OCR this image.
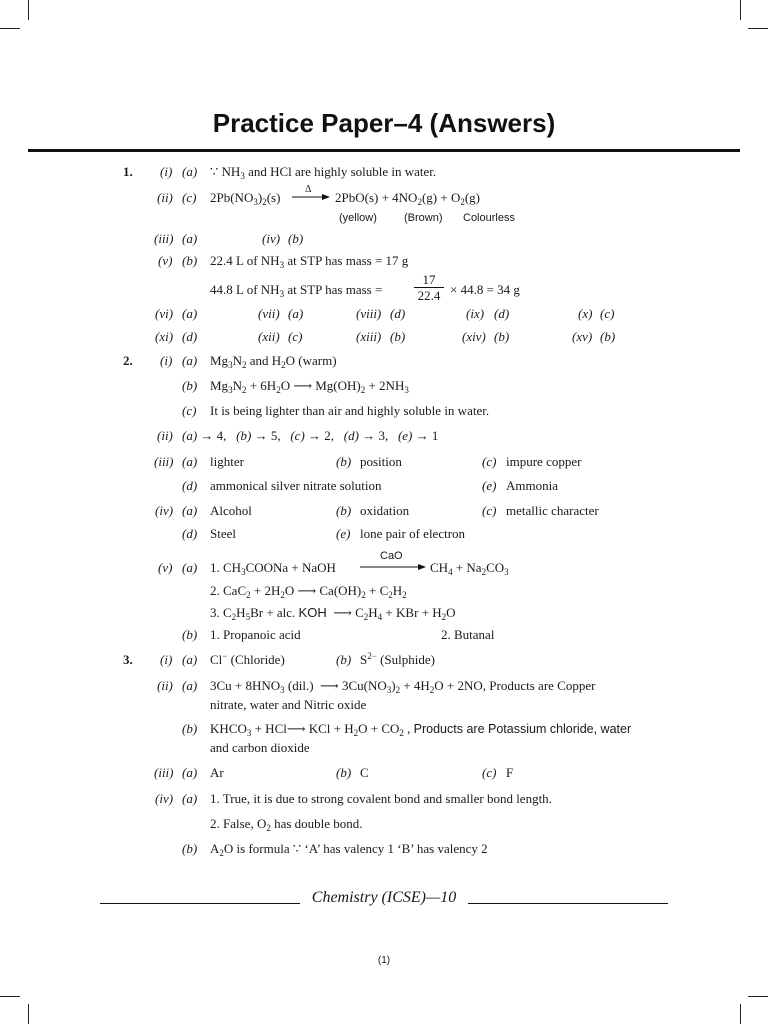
Practice Paper–4 (Answers)
1. (i) (a) ∵ $NH_3$ and HCl are highly soluble in water.
(ii) (c) $2Pb(NO_3)_2(s)$
Δ
→ $2PbO(s) + 4NO_2(g) + O_2(g)$
(yellow) (Brown) Colourless
(iii) (a)	(iv) (b)
(v) (b) 22.4 L of $NH_3$ at STP has mass = 17 g
44.8 L of $NH_3$ at STP has mass =
17
22.4 × 44.8 = 34 g
(vi) (a)	(vii) (a)	(viii) (d)	(ix) (d)	(x) (c)
(xi) (d)	(xii) (c)	(xiii) (b)	(xiv) (b)	(xv) (b)
2. (i) (a) $Mg_3N_2$ and $H_2O$ (warm)
(b) $Mg_3N_2 + 6H_2O$ ⟶ $Mg(OH)_2 + 2NH_3$
(c) It is being lighter than air and highly soluble in water.
(ii) (a) → 4,   (b) → 5,   (c) → 2,   (d) → 3,   (e) → 1
(iii) (a) lighter	(b) position	(c) impure copper
(d) ammonical silver nitrate solution	(e) Ammonia
(iv) (a) Alcohol	(b) oxidation	(c) metallic character
(d) Steel	(e) lone pair of electron
(v) (a) 1. $CH_3COONa$ + NaOH
CaO
$CH_4 + Na_2CO_3$
2. $CaC_2 + 2H_2O$ ⟶ $Ca(OH)_2 + C_2H_2$
3. $C_2H_5Br$ + alc. KOH  ⟶ $C_2H_4$ + KBr + $H_2O$
(b) 1. Propanoic acid	2. Butanal
3. (i) (a) Cl− (Chloride)	(b) $S^{2-}$ (Sulphide)
(ii) (a) $3Cu + 8HNO_3$ (dil.)  ⟶ $3Cu(NO_3)_2 + 4H_2O + 2NO$, Products are Copper
nitrate, water and Nitric oxide
(b) $KHCO_3$ + HCl⟶ KCl + $H_2O + CO_2$ , Products are Potassium chloride, water
and carbon dioxide
(iii) (a) Ar	(b) C	(c) F
(iv) (a) 1. True, it is due to strong covalent bond and smaller bond length.
2. False, $O_2$ has double bond.
(b) $A_2O$ is formula ∵ ‘A’ has valency 1 ‘B’ has valency 2
Chemistry (ICSE)—10
(1)
